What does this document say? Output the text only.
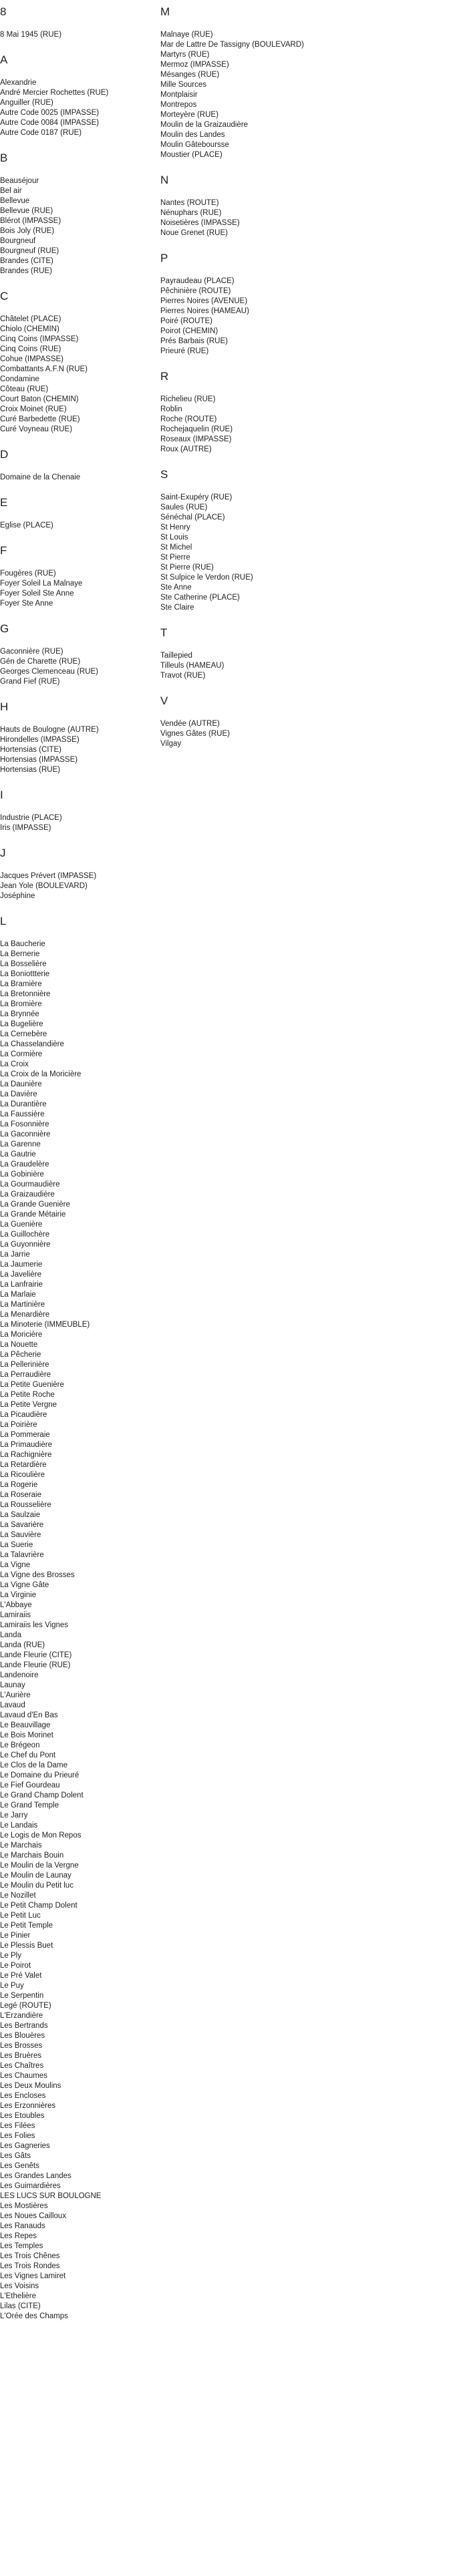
8
8 Mai 1945 (RUE)
A
Alexandrie
André Mercier Rochettes (RUE)
Anguiller (RUE)
Autre Code 0025 (IMPASSE)
Autre Code 0084 (IMPASSE)
Autre Code 0187 (RUE)
B
Beauséjour
Bel air
Bellevue
Bellevue (RUE)
Blérot (IMPASSE)
Bois Joly (RUE)
Bourgneuf
Bourgneuf (RUE)
Brandes (CITE)
Brandes (RUE)
C
Châtelet (PLACE)
Chiolo (CHEMIN)
Cinq Coins (IMPASSE)
Cinq Coins (RUE)
Cohue (IMPASSE)
Combattants A.F.N (RUE)
Condamine
Côteau (RUE)
Court Baton (CHEMIN)
Croix Moinet (RUE)
Curé Barbedette (RUE)
Curé Voyneau (RUE)
D
Domaine de la Chenaie
E
Eglise (PLACE)
F
Fougères (RUE)
Foyer Soleil La Malnaye
Foyer Soleil Ste Anne
Foyer Ste Anne
G
Gaconnière (RUE)
Gén de Charette (RUE)
Georges Clemenceau (RUE)
Grand Fief (RUE)
H
Hauts de Boulogne (AUTRE)
Hirondelles (IMPASSE)
Hortensias (CITE)
Hortensias (IMPASSE)
Hortensias (RUE)
I
Industrie (PLACE)
Iris (IMPASSE)
J
Jacques Prévert (IMPASSE)
Jean Yole (BOULEVARD)
Joséphine
L
La Baucherie
La Bernerie
La Bosselière
La Boniottterie
La Bramière
La Bretonnière
La Bromière
La Brynnée
La Bugelière
La Cernebère
La Chasselandière
La Cormière
La Croix
La Croix de la Moricière
La Daunière
La Davière
La Durantière
La Faussière
La Fosonnière
La Gaconnière
La Garenne
La Gautrie
La Graudelère
La Gobinière
La Gourmaudière
La Graizaudière
La Grande Guenière
La Grande Métairie
La Guenière
La Guillochère
La Guyonnière
La Jarrie
La Jaumerie
La Javelière
La Lanfrairie
La Marlaie
La Martinière
La Menardière
La Minoterie (IMMEUBLE)
La Moricière
La Nouette
La Pêcherie
La Pellerinière
La Perraudière
La Petite Guenière
La Petite Roche
La Petite Vergne
La Picaudière
La Poirière
La Pommeraie
La Primaudière
La Rachignière
La Retardière
La Ricoulière
La Rogerie
La Roseraie
La Rousselière
La Saulzaie
La Savarière
La Sauvière
La Suerie
La Talavrière
La Vigne
La Vigne des Brosses
La Vigne Gâte
La Virginie
L'Abbaye
Lamiraiis
Lamiraiis les Vignes
Landa
Landa (RUE)
Lande Fleurie (CITE)
Lande Fleurie (RUE)
Landenoire
Launay
L'Aurière
Lavaud
Lavaud d'En Bas
Le Beauvillage
Le Bois Morinet
Le Brégeon
Le Chef du Pont
Le Clos de la Dame
Le Domaine du Prieuré
Le Fief Gourdeau
Le Grand Champ Dolent
Le Grand Temple
Le Jarry
Le Landais
Le Logis de Mon Repos
Le Marchais
Le Marchais Bouin
Le Moulin de la Vergne
Le Moulin de Launay
Le Moulin du Petit luc
Le Nozillet
Le Petit Champ Dolent
Le Petit Luc
Le Petit Temple
Le Pinier
Le Plessis Buet
Le Ply
Le Poirot
Le Pré Valet
Le Puy
Le Serpentin
Legé (ROUTE)
L'Erzandière
Les Bertrands
Les Blouères
Les Brosses
Les Bruères
Les Chaîtres
Les Chaumes
Les Deux Moulins
Les Encloses
Les Erzonnières
Les Etoubles
Les Filées
Les Folies
Les Gagneries
Les Gâts
Les Genêts
Les Grandes Landes
Les Guimardières
LES LUCS SUR BOULOGNE
Les Mostières
Les Noues Cailloux
Les Ranauds
Les Repes
Les Temples
Les Trois Chênes
Les Trois Rondes
Les Vignes Lamiret
Les Voisins
L'Ethelière
Lilas (CITE)
L'Orée des Champs
M
Malnaye (RUE)
Mar de Lattre De Tassigny (BOULEVARD)
Martyrs (RUE)
Mermoz (IMPASSE)
Mésanges (RUE)
Mille Sources
Montplaisir
Montrepos
Morteyère (RUE)
Moulin de la Graizaudière
Moulin des Landes
Moulin Gâteboursse
Moustier (PLACE)
N
Nantes (ROUTE)
Nénuphars (RUE)
Noisetières (IMPASSE)
Noue Grenet (RUE)
P
Payraudeau (PLACE)
Pêchinière (ROUTE)
Pierres Noires (AVENUE)
Pierres Noires (HAMEAU)
Poiré (ROUTE)
Poirot (CHEMIN)
Prés Barbais (RUE)
Prieuré (RUE)
R
Richelieu (RUE)
Roblin
Roche (ROUTE)
Rochejaquelin (RUE)
Roseaux (IMPASSE)
Roux (AUTRE)
S
Saint-Exupéry (RUE)
Saules (RUE)
Sénéchal (PLACE)
St Henry
St Louis
St Michel
St Pierre
St Pierre (RUE)
St Sulpice le Verdon (RUE)
Ste Anne
Ste Catherine (PLACE)
Ste Claire
T
Taillepied
Tilleuls (HAMEAU)
Travot (RUE)
V
Vendée (AUTRE)
Vignes Gâtes (RUE)
Vilgay
